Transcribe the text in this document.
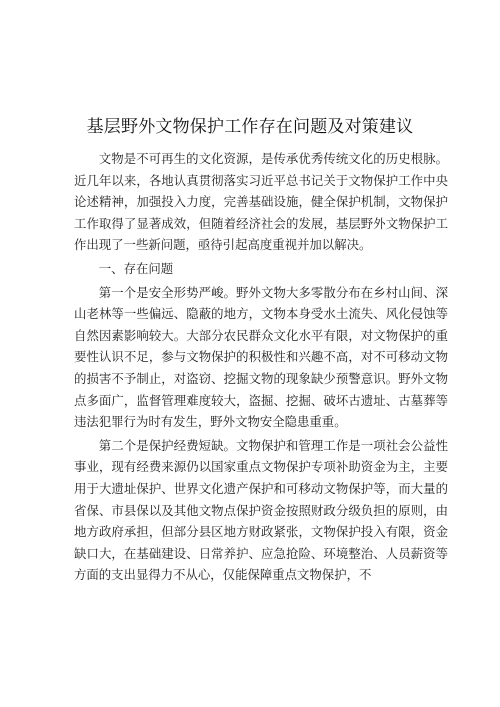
基层野外文物保护工作存在问题及对策建议

文物是不可再生的文化资源，是传承优秀传统文化的历史根脉。近几年以来，各地认真贯彻落实习近平总书记关于文物保护工作中央论述精神，加强投入力度，完善基础设施，健全保护机制，文物保护工作取得了显著成效，但随着经济社会的发展，基层野外文物保护工作出现了一些新问题，亟待引起高度重视并加以解决。

一、存在问题

第一个是安全形势严峻。野外文物大多零散分布在乡村山间、深山老林等一些偏远、隐蔽的地方，文物本身受水土流失、风化侵蚀等自然因素影响较大。大部分农民群众文化水平有限，对文物保护的重要性认识不足，参与文物保护的积极性和兴趣不高，对不可移动文物的损害不予制止，对盗窃、挖掘文物的现象缺少预警意识。野外文物点多面广，监督管理难度较大，盗掘、挖掘、破坏古遗址、古墓葬等违法犯罪行为时有发生，野外文物安全隐患重重。

第二个是保护经费短缺。文物保护和管理工作是一项社会公益性事业，现有经费来源仍以国家重点文物保护专项补助资金为主，主要用于大遗址保护、世界文化遗产保护和可移动文物保护等，而大量的省保、市县保以及其他文物点保护资金按照财政分级负担的原则，由地方政府承担，但部分县区地方财政紧张，文物保护投入有限，资金缺口大，在基础建设、日常养护、应急抢险、环境整治、人员薪资等方面的支出显得力不从心，仅能保障重点文物保护，不
